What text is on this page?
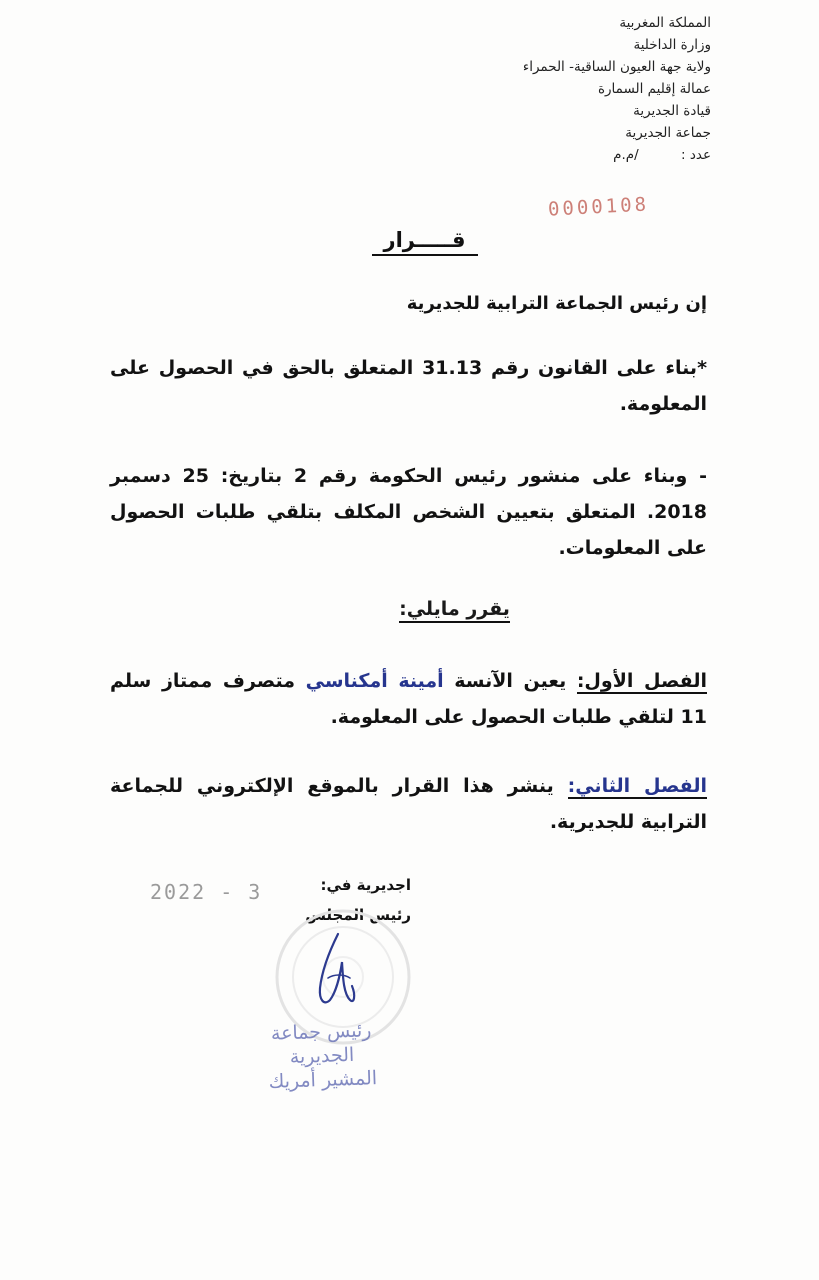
المملكة المغربية
وزارة الداخلية
ولاية جهة العيون الساقية- الحمراء
عمالة إقليم السمارة
قيادة الجديرية
جماعة الجديرية
عدد : /م.م
0000108
قـــــرار
إن رئيس الجماعة الترابية للجديرية
*بناء على القانون رقم 31.13 المتعلق بالحق في الحصول على المعلومة.
- وبناء على منشور رئيس الحكومة رقم 2 بتاريخ: 25 دسمبر 2018. المتعلق بتعيين الشخص المكلف بتلقي طلبات الحصول على المعلومات.
يقرر مايلي:
الفصل الأول: يعين الآنسة أمينة أمكناسي متصرف ممتاز سلم 11 لتلقي طلبات الحصول على المعلومة.
الفصل الثاني: ينشر هذا القرار بالموقع الإلكتروني للجماعة الترابية للجديرية.
اجديرية في:
رئيس المجلس
2022 - 3
رئيس جماعة
الجديرية
المشير أمريك
